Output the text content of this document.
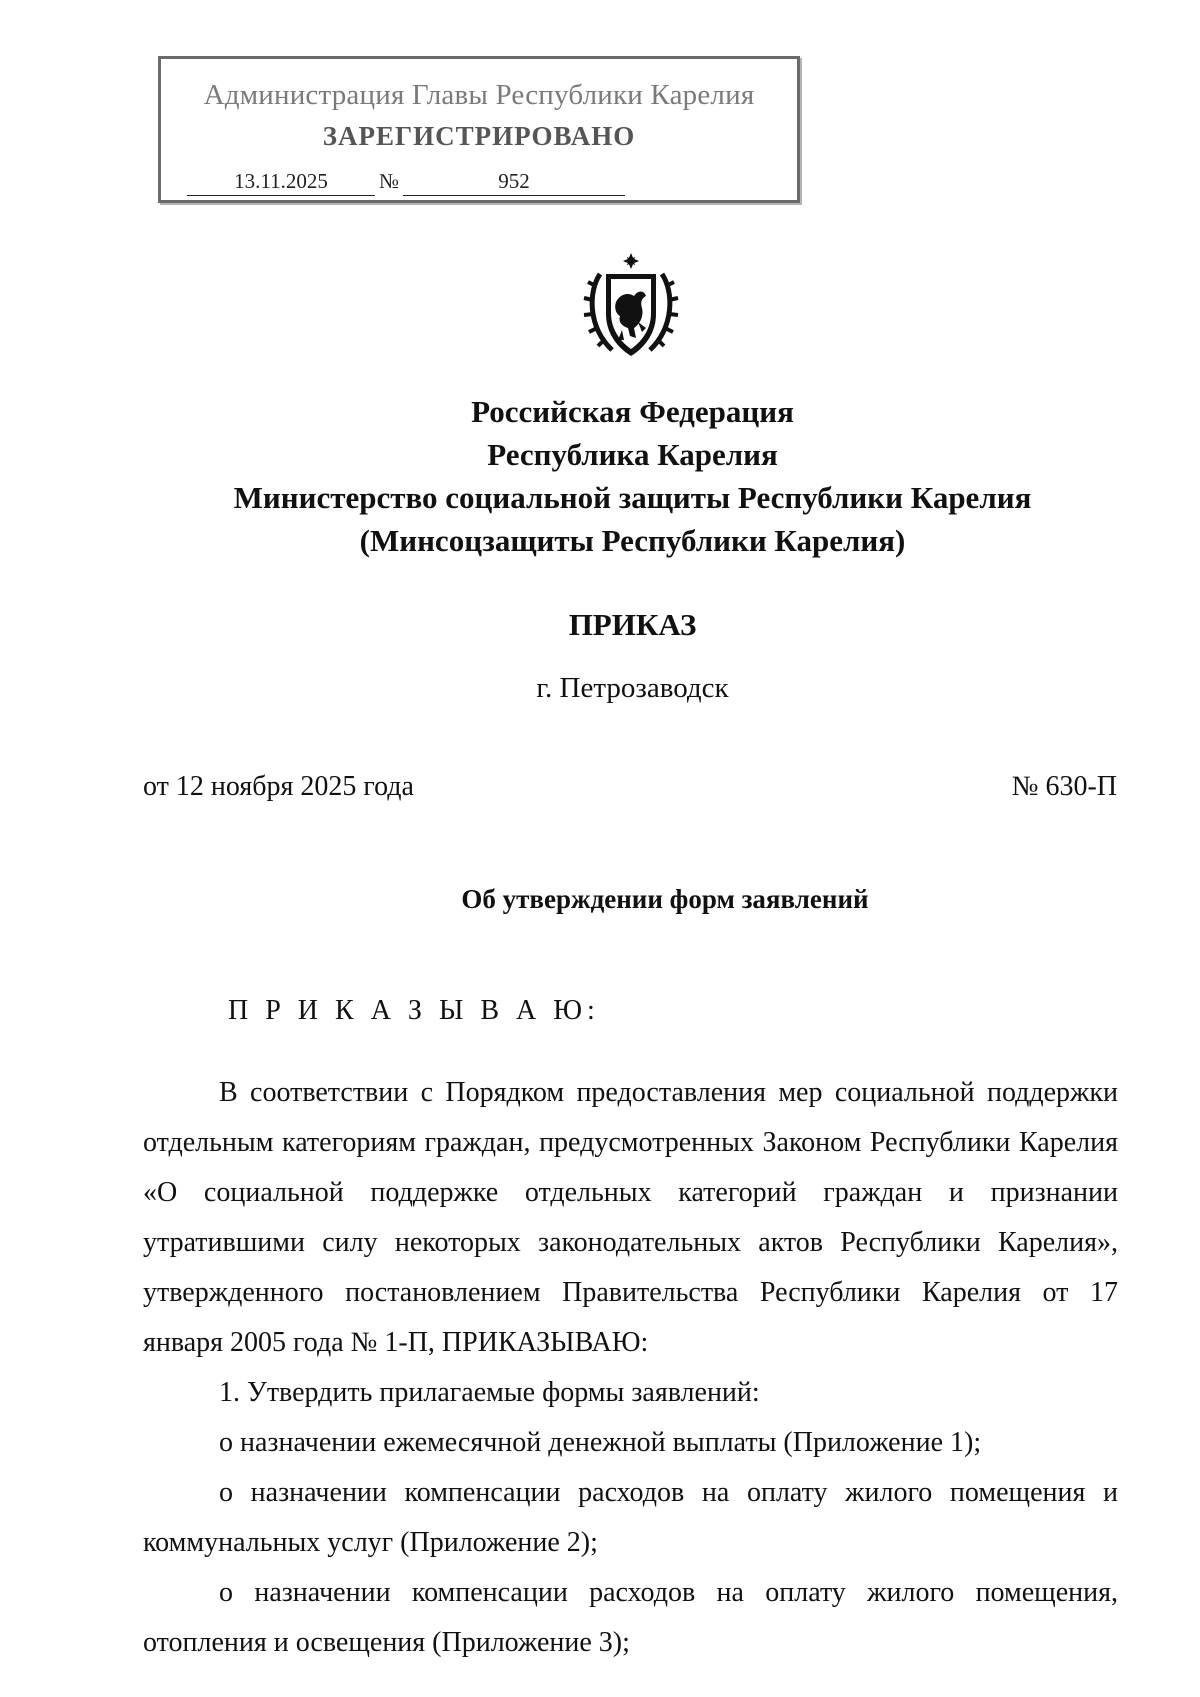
Администрация Главы Республики Карелия
ЗАРЕГИСТРИРОВАНО
13.11.2025	№	952
Российская Федерация
Республика Карелия
Министерство социальной защиты Республики Карелия
(Минсоцзащиты Республики Карелия)
ПРИКАЗ
г. Петрозаводск
от 12 ноября 2025 года	№ 630-П
Об утверждении форм заявлений
П Р И К А З Ы В А Ю:

В соответствии с Порядком предоставления мер социальной поддержки

отдельным категориям граждан, предусмотренных Законом Республики Карелия

«О социальной поддержке отдельных категорий граждан и признании

утратившими силу некоторых законодательных актов Республики Карелия»,

утвержденного постановлением Правительства Республики Карелия от 17

января 2005 года № 1-П, ПРИКАЗЫВАЮ:

1. Утвердить прилагаемые формы заявлений:

о назначении ежемесячной денежной выплаты (Приложение 1);

о назначении компенсации расходов на оплату жилого помещения и

коммунальных услуг (Приложение 2);

о назначении компенсации расходов на оплату жилого помещения,

отопления и освещения (Приложение 3);
